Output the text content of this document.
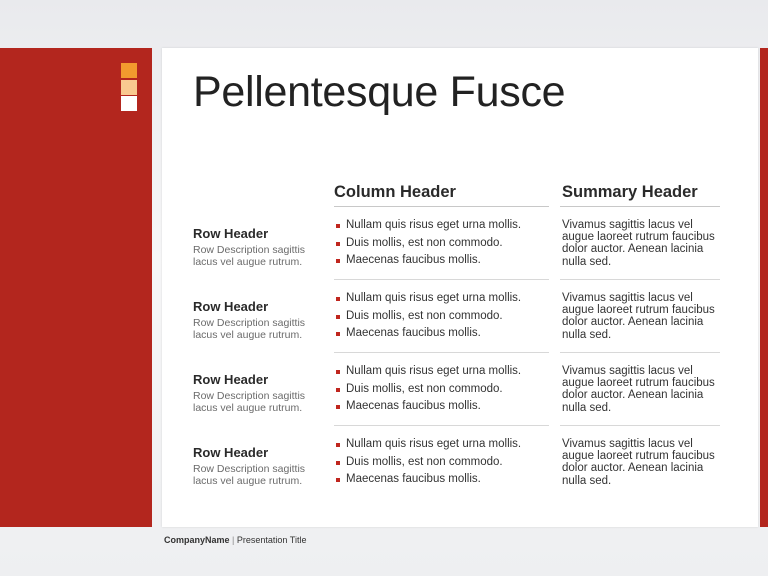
Pellentesque Fusce
Column Header	Summary Header
Row Header
Row Description sagittis lacus vel augue rutrum.
Nullam quis risus eget urna mollis.
Duis mollis, est non commodo.
Maecenas faucibus mollis.
Vivamus sagittis lacus vel augue laoreet rutrum faucibus dolor auctor. Aenean lacinia nulla sed.
Row Header
Row Description sagittis lacus vel augue rutrum.
Nullam quis risus eget urna mollis.
Duis mollis, est non commodo.
Maecenas faucibus mollis.
Vivamus sagittis lacus vel augue laoreet rutrum faucibus dolor auctor. Aenean lacinia nulla sed.
Row Header
Row Description sagittis lacus vel augue rutrum.
Nullam quis risus eget urna mollis.
Duis mollis, est non commodo.
Maecenas faucibus mollis.
Vivamus sagittis lacus vel augue laoreet rutrum faucibus dolor auctor. Aenean lacinia nulla sed.
Row Header
Row Description sagittis lacus vel augue rutrum.
Nullam quis risus eget urna mollis.
Duis mollis, est non commodo.
Maecenas faucibus mollis.
Vivamus sagittis lacus vel augue laoreet rutrum faucibus dolor auctor. Aenean lacinia nulla sed.
CompanyName | Presentation Title
